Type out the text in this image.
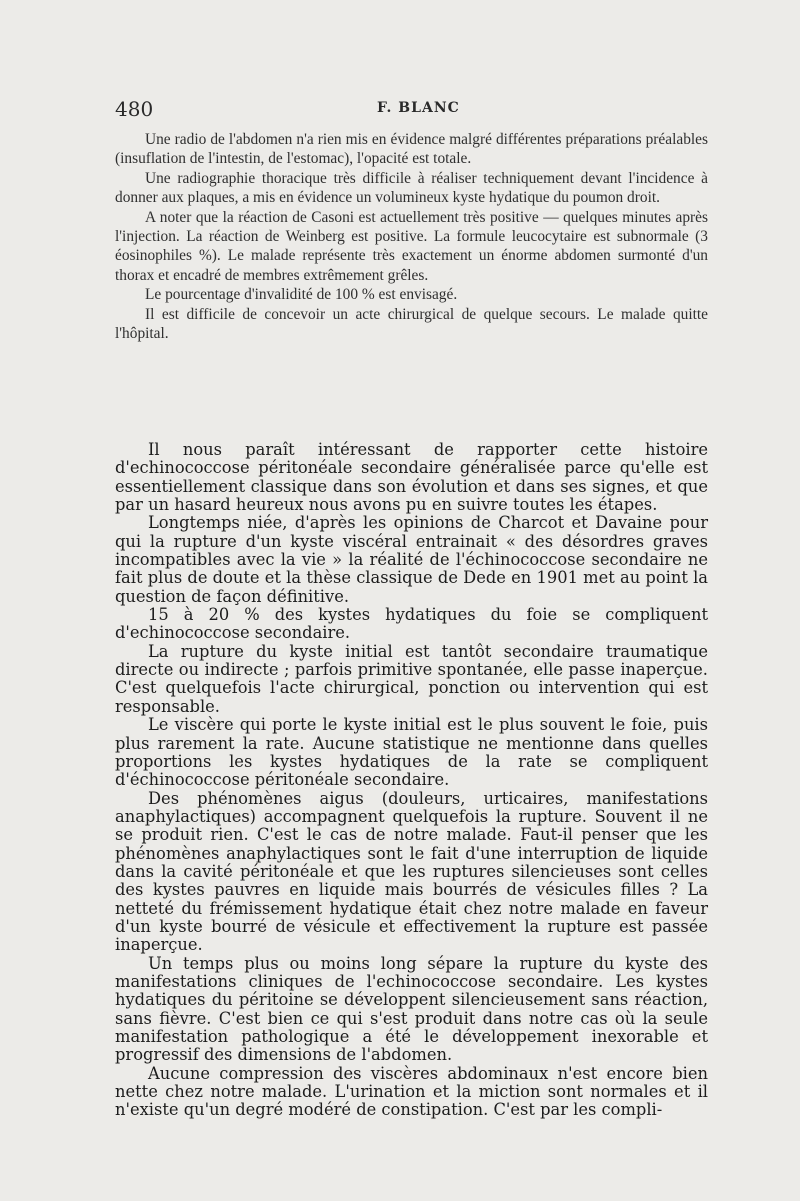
480	F. BLANC

Une radio de l'abdomen n'a rien mis en évidence malgré différentes préparations préalables (insuflation de l'intestin, de l'estomac), l'opacité est totale.

Une radiographie thoracique très difficile à réaliser techniquement devant l'incidence à donner aux plaques, a mis en évidence un volumineux kyste hydatique du poumon droit.

A noter que la réaction de Casoni est actuellement très positive — quelques minutes après l'injection. La réaction de Weinberg est positive. La formule leucocytaire est subnormale (3 éosinophiles %). Le malade représente très exactement un énorme abdomen surmonté d'un thorax et encadré de membres extrêmement grêles.

Le pourcentage d'invalidité de 100 % est envisagé.

Il est difficile de concevoir un acte chirurgical de quelque secours. Le malade quitte l'hôpital.

Il nous paraît intéressant de rapporter cette histoire d'echinococcose péritonéale secondaire généralisée parce qu'elle est essentiellement classique dans son évolution et dans ses signes, et que par un hasard heureux nous avons pu en suivre toutes les étapes.

Longtemps niée, d'après les opinions de Charcot et Davaine pour qui la rupture d'un kyste viscéral entrainait « des désordres graves incompatibles avec la vie » la réalité de l'échinococcose secondaire ne fait plus de doute et la thèse classique de Dede en 1901 met au point la question de façon définitive.

15 à 20 % des kystes hydatiques du foie se compliquent d'echinococcose secondaire.

La rupture du kyste initial est tantôt secondaire traumatique directe ou indirecte ; parfois primitive spontanée, elle passe inaperçue. C'est quelquefois l'acte chirurgical, ponction ou intervention qui est responsable.

Le viscère qui porte le kyste initial est le plus souvent le foie, puis plus rarement la rate. Aucune statistique ne mentionne dans quelles proportions les kystes hydatiques de la rate se compliquent d'échinococcose péritonéale secondaire.

Des phénomènes aigus (douleurs, urticaires, manifestations anaphylactiques) accompagnent quelquefois la rupture. Souvent il ne se produit rien. C'est le cas de notre malade. Faut-il penser que les phénomènes anaphylactiques sont le fait d'une interruption de liquide dans la cavité péritonéale et que les ruptures silencieuses sont celles des kystes pauvres en liquide mais bourrés de vésicules filles ? La netteté du frémissement hydatique était chez notre malade en faveur d'un kyste bourré de vésicule et effectivement la rupture est passée inaperçue.

Un temps plus ou moins long sépare la rupture du kyste des manifestations cliniques de l'echinococcose secondaire. Les kystes hydatiques du péritoine se développent silencieusement sans réaction, sans fièvre. C'est bien ce qui s'est produit dans notre cas où la seule manifestation pathologique a été le développement inexorable et progressif des dimensions de l'abdomen.

Aucune compression des viscères abdominaux n'est encore bien nette chez notre malade. L'urination et la miction sont normales et il n'existe qu'un degré modéré de constipation. C'est par les compli-
